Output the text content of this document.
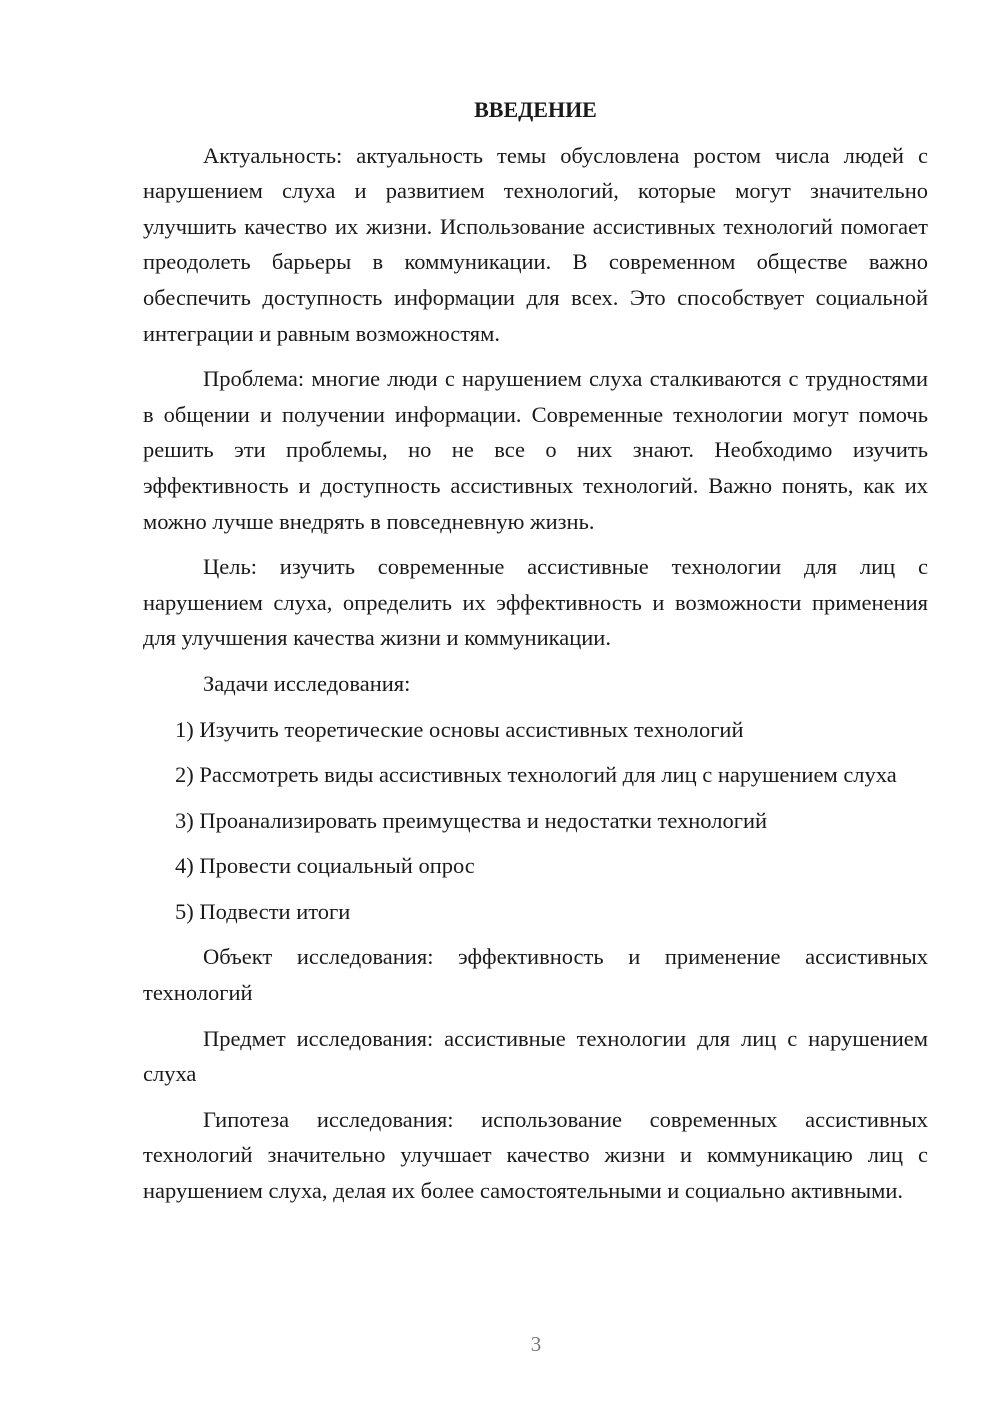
ВВЕДЕНИЕ

Актуальность: актуальность темы обусловлена ростом числа людей с нарушением слуха и развитием технологий, которые могут значительно улучшить качество их жизни. Использование ассистивных технологий помогает преодолеть барьеры в коммуникации. В современном обществе важно обеспечить доступность информации для всех. Это способствует социальной интеграции и равным возможностям.

Проблема: многие люди с нарушением слуха сталкиваются с трудностями в общении и получении информации. Современные технологии могут помочь решить эти проблемы, но не все о них знают. Необходимо изучить эффективность и доступность ассистивных технологий. Важно понять, как их можно лучше внедрять в повседневную жизнь.

Цель: изучить современные ассистивные технологии для лиц с нарушением слуха, определить их эффективность и возможности применения для улучшения качества жизни и коммуникации.

Задачи исследования:

1) Изучить теоретические основы ассистивных технологий

2) Рассмотреть виды ассистивных технологий для лиц с нарушением слуха

3) Проанализировать преимущества и недостатки технологий

4) Провести социальный опрос

5) Подвести итоги

Объект исследования: эффективность и применение ассистивных технологий

Предмет исследования: ассистивные технологии для лиц с нарушением слуха

Гипотеза исследования: использование современных ассистивных технологий значительно улучшает качество жизни и коммуникацию лиц с нарушением слуха, делая их более самостоятельными и социально активными.

3
